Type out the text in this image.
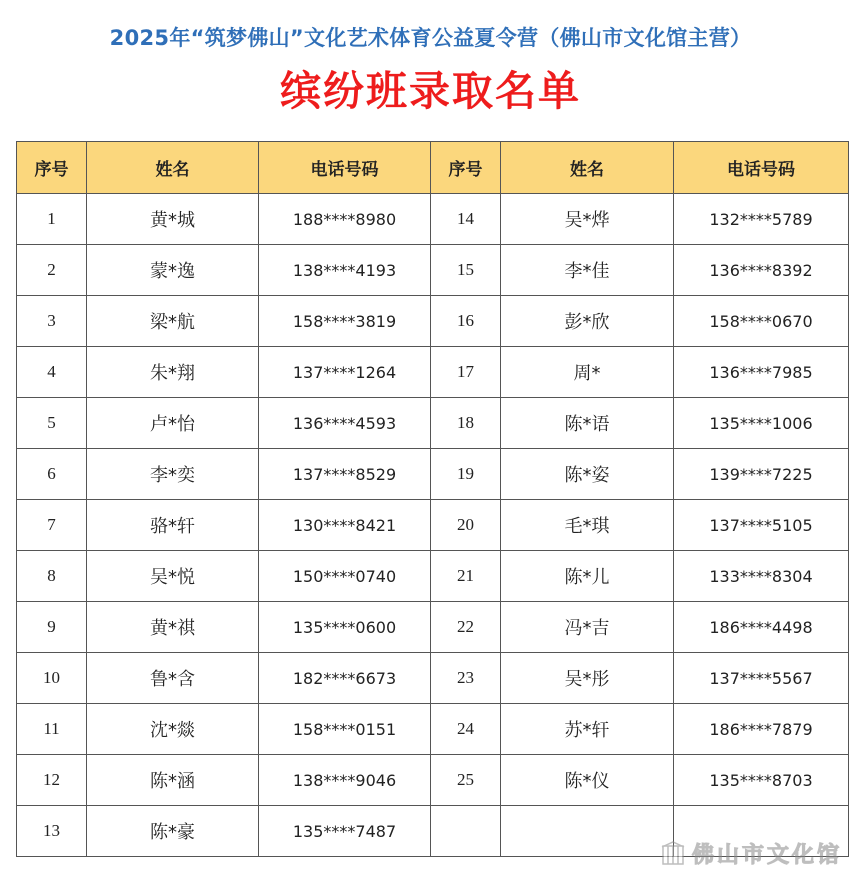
2025年“筑梦佛山”文化艺术体育公益夏令营（佛山市文化馆主营）
缤纷班录取名单
序号	姓名	电话号码	序号	姓名	电话号码
1	黄*城	188****8980	14	吴*烨	132****5789
2	蒙*逸	138****4193	15	李*佳	136****8392
3	梁*航	158****3819	16	彭*欣	158****0670
4	朱*翔	137****1264	17	周*	136****7985
5	卢*怡	136****4593	18	陈*语	135****1006
6	李*奕	137****8529	19	陈*姿	139****7225
7	骆*轩	130****8421	20	毛*琪	137****5105
8	吴*悦	150****0740	21	陈*儿	133****8304
9	黄*祺	135****0600	22	冯*吉	186****4498
10	鲁*含	182****6673	23	吴*彤	137****5567
11	沈*燚	158****0151	24	苏*轩	186****7879
12	陈*涵	138****9046	25	陈*仪	135****8703
13	陈*豪	135****7487			
佛山市文化馆
